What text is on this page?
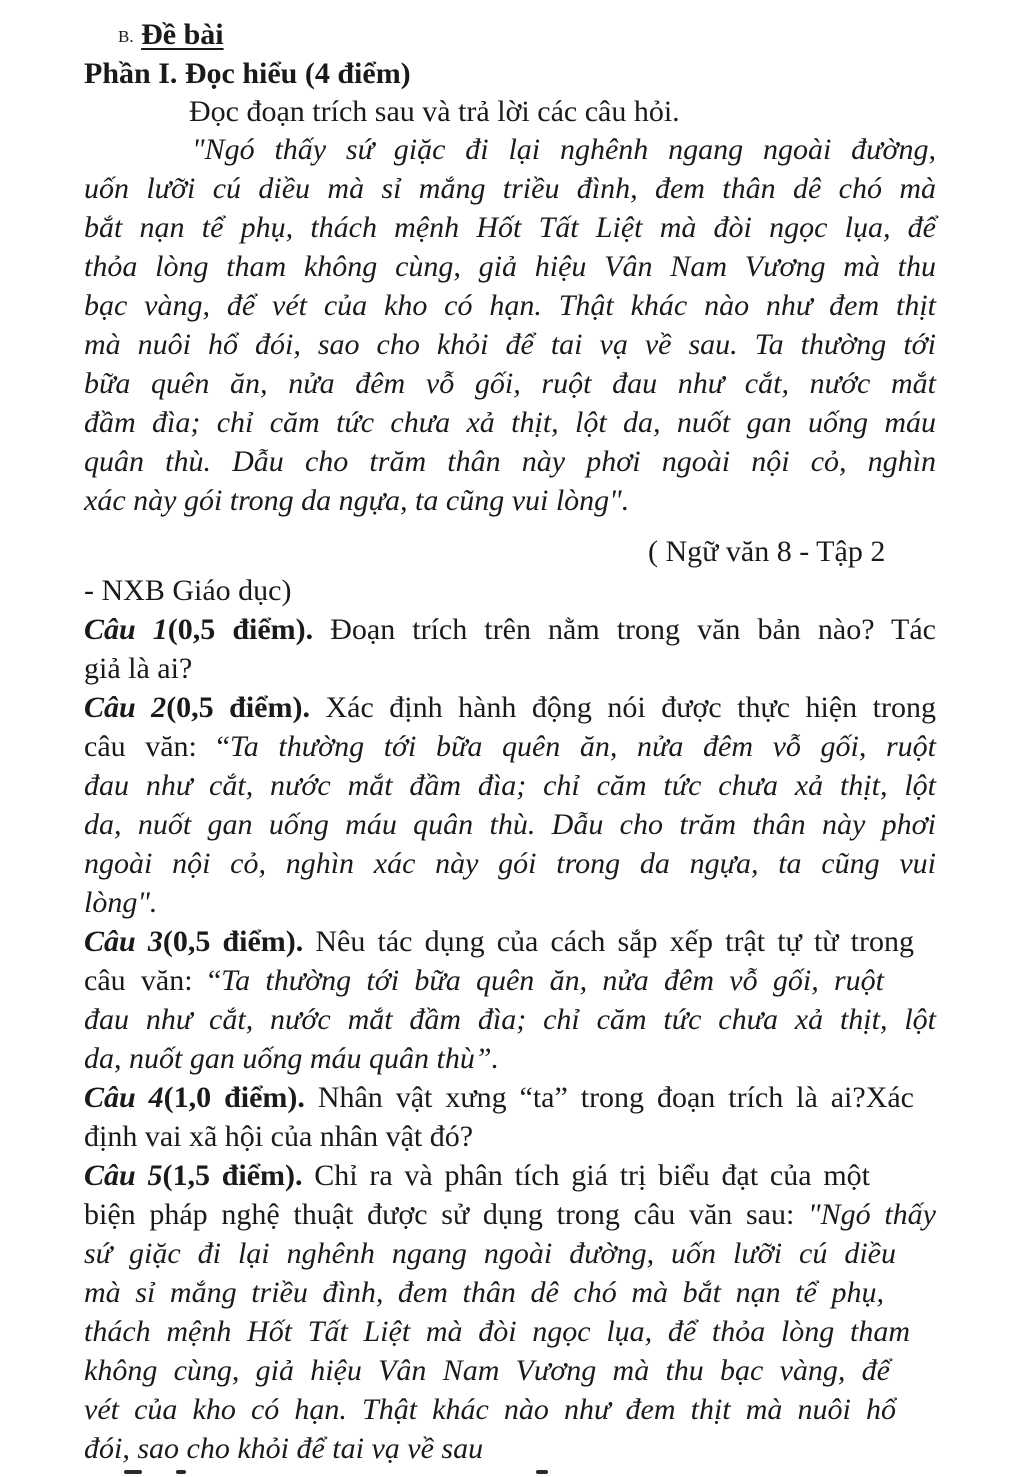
B. Đề bài
Phần I. Đọc hiểu (4 điểm)
Đọc đoạn trích sau và trả lời các câu hỏi.
"Ngó thấy sứ giặc đi lại nghênh ngang ngoài đường,
uốn lưỡi cú diều mà sỉ mắng triều đình, đem thân dê chó mà
bắt nạn tể phụ, thách mệnh Hốt Tất Liệt mà đòi ngọc lụa, để
thỏa lòng tham không cùng, giả hiệu Vân Nam Vương mà thu
bạc vàng, để vét của kho có hạn. Thật khác nào như đem thịt
mà nuôi hổ đói, sao cho khỏi để tai vạ về sau. Ta thường tới
bữa quên ăn, nửa đêm vỗ gối, ruột đau như cắt, nước mắt
đầm đìa; chỉ căm tức chưa xả thịt, lột da, nuốt gan uống máu
quân thù. Dẫu cho trăm thân này phơi ngoài nội cỏ, nghìn
xác này gói trong da ngựa, ta cũng vui lòng".
( Ngữ văn 8 - Tập 2
- NXB Giáo dục)
Câu 1(0,5 điểm). Đoạn trích trên nằm trong văn bản nào? Tác
giả là ai?
Câu 2(0,5 điểm). Xác định hành động nói được thực hiện trong
câu văn: “Ta thường tới bữa quên ăn, nửa đêm vỗ gối, ruột
đau như cắt, nước mắt đầm đìa; chỉ căm tức chưa xả thịt, lột
da, nuốt gan uống máu quân thù. Dẫu cho trăm thân này phơi
ngoài nội cỏ, nghìn xác này gói trong da ngựa, ta cũng vui
lòng".
Câu 3(0,5 điểm). Nêu tác dụng của cách sắp xếp trật tự từ trong
câu văn: “Ta thường tới bữa quên ăn, nửa đêm vỗ gối, ruột
đau như cắt, nước mắt đầm đìa; chỉ căm tức chưa xả thịt, lột
da, nuốt gan uống máu quân thù”.
Câu 4(1,0 điểm). Nhân vật xưng “ta” trong đoạn trích là ai?Xác
định vai xã hội của nhân vật đó?
Câu 5(1,5 điểm). Chỉ ra và phân tích giá trị biểu đạt của một
biện pháp nghệ thuật được sử dụng trong câu văn sau: "Ngó thấy
sứ giặc đi lại nghênh ngang ngoài đường, uốn lưỡi cú diều
mà sỉ mắng triều đình, đem thân dê chó mà bắt nạn tể phụ,
thách mệnh Hốt Tất Liệt mà đòi ngọc lụa, để thỏa lòng tham
không cùng, giả hiệu Vân Nam Vương mà thu bạc vàng, để
vét của kho có hạn. Thật khác nào như đem thịt mà nuôi hổ
đói, sao cho khỏi để tai vạ về sau
